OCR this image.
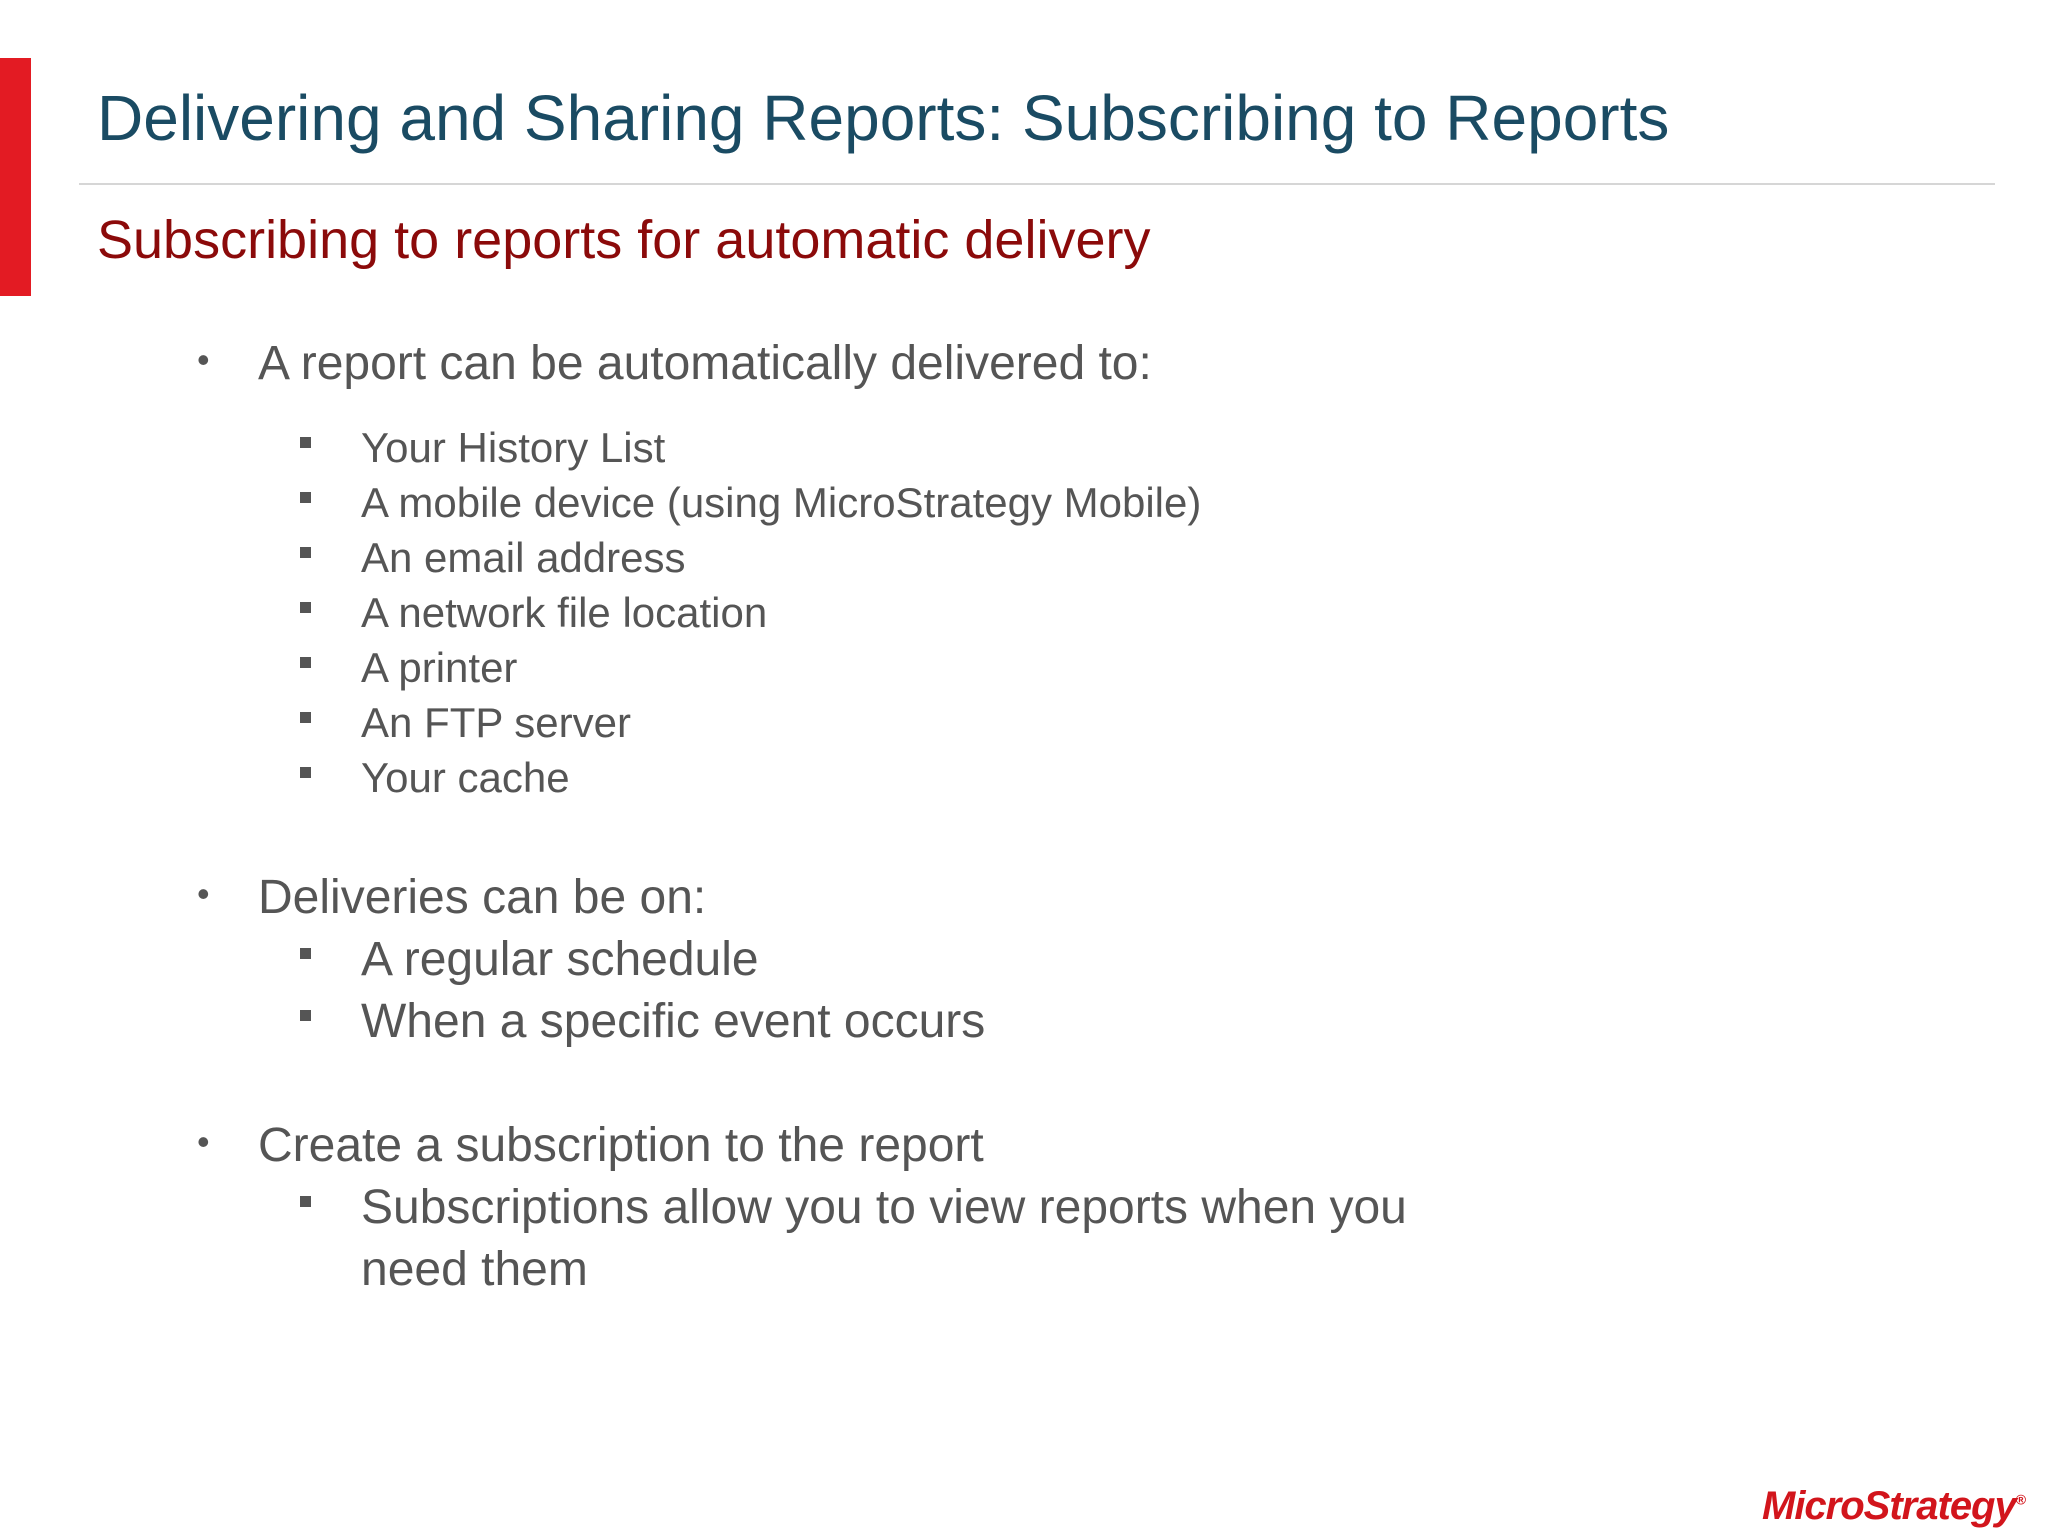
Delivering and Sharing Reports: Subscribing to Reports
Subscribing to reports for automatic delivery
• A report can be automatically delivered to:
Your History List
A mobile device (using MicroStrategy Mobile)
An email address
A network file location
A printer
An FTP server
Your cache
• Deliveries can be on:
A regular schedule
When a specific event occurs
• Create a subscription to the report
Subscriptions allow you to view reports when you
need them
MicroStrategy®
